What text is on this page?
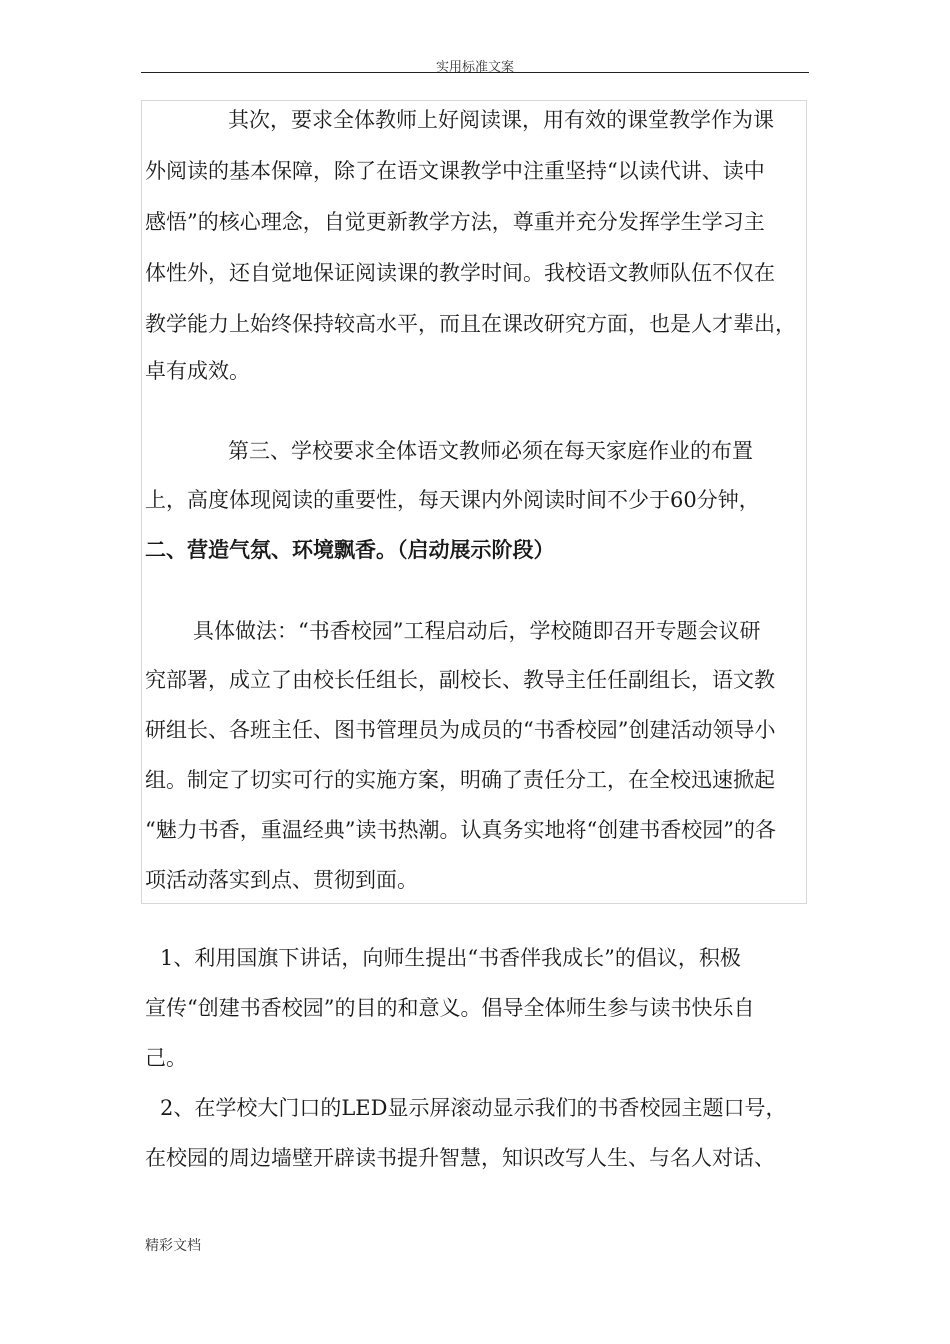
实用标准文案
其次，要求全体教师上好阅读课，用有效的课堂教学作为课
外阅读的基本保障，除了在语文课教学中注重坚持“以读代讲、读中
感悟”的核心理念，自觉更新教学方法，尊重并充分发挥学生学习主
体性外，还自觉地保证阅读课的教学时间。我校语文教师队伍不仅在
教学能力上始终保持较高水平，而且在课改研究方面，也是人才辈出，
卓有成效。
第三、学校要求全体语文教师必须在每天家庭作业的布置
上，高度体现阅读的重要性，每天课内外阅读时间不少于60分钟，
二、营造气氛、环境飘香。（启动展示阶段）
具体做法：“书香校园”工程启动后，学校随即召开专题会议研
究部署，成立了由校长任组长，副校长、教导主任任副组长，语文教
研组长、各班主任、图书管理员为成员的“书香校园”创建活动领导小
组。制定了切实可行的实施方案，明确了责任分工，在全校迅速掀起
“魅力书香，重温经典”读书热潮。认真务实地将“创建书香校园”的各
项活动落实到点、贯彻到面。
1、利用国旗下讲话，向师生提出“书香伴我成长”的倡议，积极
宣传“创建书香校园”的目的和意义。倡导全体师生参与读书快乐自
己。
2、在学校大门口的LED显示屏滚动显示我们的书香校园主题口号，
在校园的周边墙壁开辟读书提升智慧，知识改写人生、与名人对话、
精彩文档
